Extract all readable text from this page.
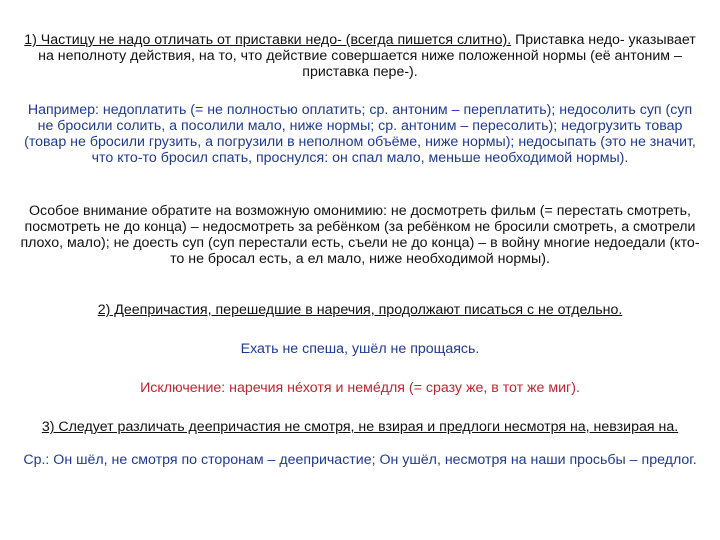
1) Частицу не надо отличать от приставки недо- (всегда пишется слитно). Приставка недо- указывает на неполноту действия, на то, что действие совершается ниже положенной нормы (её антоним – приставка пере-).

Например: недоплатить (= не полностью оплатить; ср. антоним – переплатить); недосолить суп (суп не бросили солить, а посолили мало, ниже нормы; ср. антоним – пересолить); недогрузить товар (товар не бросили грузить, а погрузили в неполном объёме, ниже нормы); недосыпать (это не значит, что кто-то бросил спать, проснулся: он спал мало, меньше необходимой нормы).

Особое внимание обратите на возможную омонимию: не досмотреть фильм (= перестать смотреть, посмотреть не до конца) – недосмотреть за ребёнком (за ребёнком не бросили смотреть, а смотрели плохо, мало); не доесть суп (суп перестали есть, съели не до конца) – в войну многие недоедали (кто-то не бросал есть, а ел мало, ниже необходимой нормы).

2) Деепричастия, перешедшие в наречия, продолжают писаться с не отдельно.

Ехать не спеша, ушёл не прощаясь.

Исключение: наречия нéхотя и немéдля (= сразу же, в тот же миг).

3) Следует различать деепричастия не смотря, не взирая и предлоги несмотря на, невзирая на.

Ср.: Он шёл, не смотря по сторонам – деепричастие; Он ушёл, несмотря на наши просьбы – предлог.
